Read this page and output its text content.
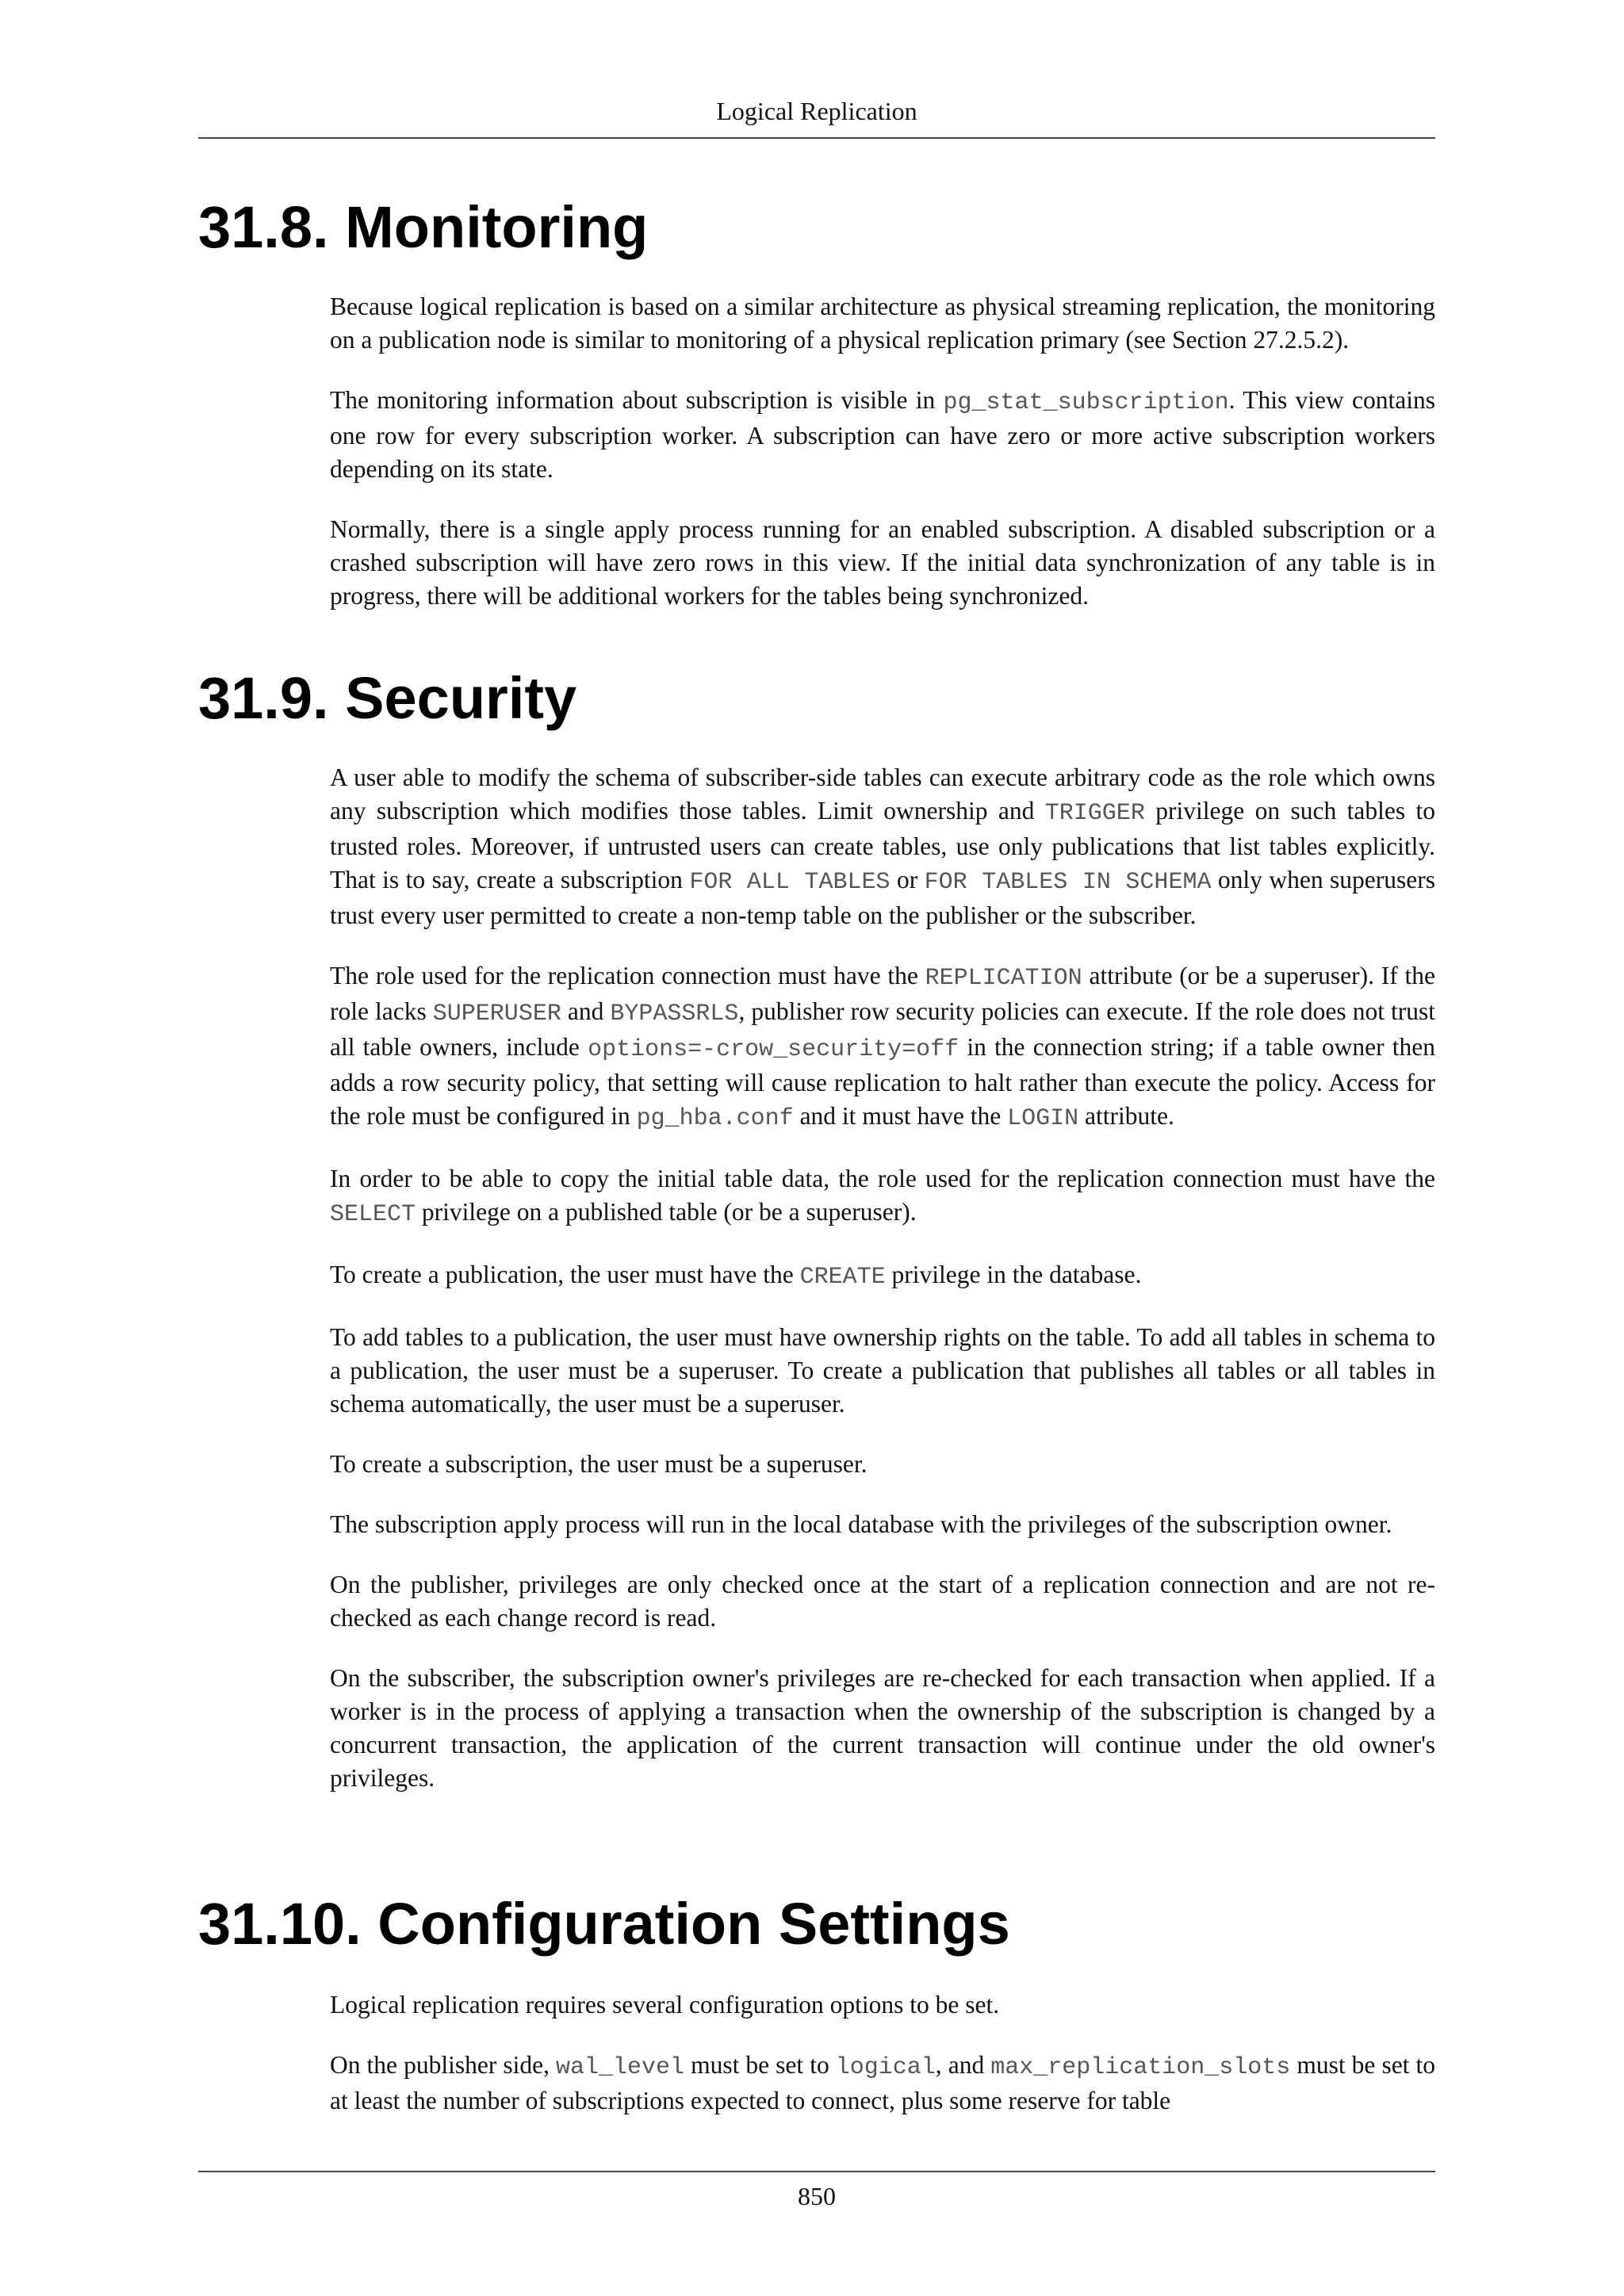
Logical Replication
31.8. Monitoring

Because logical replication is based on a similar architecture as physical streaming replication, the monitoring on a publication node is similar to monitoring of a physical replication primary (see Section 27.2.5.2).

The monitoring information about subscription is visible in pg_stat_subscription. This view contains one row for every subscription worker. A subscription can have zero or more active subscription workers depending on its state.

Normally, there is a single apply process running for an enabled subscription. A disabled subscription or a crashed subscription will have zero rows in this view. If the initial data synchronization of any table is in progress, there will be additional workers for the tables being synchronized.

31.9. Security

A user able to modify the schema of subscriber-side tables can execute arbitrary code as the role which owns any subscription which modifies those tables. Limit ownership and TRIGGER privilege on such tables to trusted roles. Moreover, if untrusted users can create tables, use only publications that list tables explicitly. That is to say, create a subscription FOR ALL TABLES or FOR TABLES IN SCHEMA only when superusers trust every user permitted to create a non-temp table on the publisher or the subscriber.

The role used for the replication connection must have the REPLICATION attribute (or be a superuser). If the role lacks SUPERUSER and BYPASSRLS, publisher row security policies can execute. If the role does not trust all table owners, include options=-crow_security=off in the connection string; if a table owner then adds a row security policy, that setting will cause replication to halt rather than execute the policy. Access for the role must be configured in pg_hba.conf and it must have the LOGIN attribute.

In order to be able to copy the initial table data, the role used for the replication connection must have the SELECT privilege on a published table (or be a superuser).

To create a publication, the user must have the CREATE privilege in the database.

To add tables to a publication, the user must have ownership rights on the table. To add all tables in schema to a publication, the user must be a superuser. To create a publication that publishes all tables or all tables in schema automatically, the user must be a superuser.

To create a subscription, the user must be a superuser.

The subscription apply process will run in the local database with the privileges of the subscription owner.

On the publisher, privileges are only checked once at the start of a replication connection and are not re-checked as each change record is read.

On the subscriber, the subscription owner's privileges are re-checked for each transaction when applied. If a worker is in the process of applying a transaction when the ownership of the subscription is changed by a concurrent transaction, the application of the current transaction will continue under the old owner's privileges.

31.10. Configuration Settings

Logical replication requires several configuration options to be set.

On the publisher side, wal_level must be set to logical, and max_replication_slots must be set to at least the number of subscriptions expected to connect, plus some reserve for table

850
